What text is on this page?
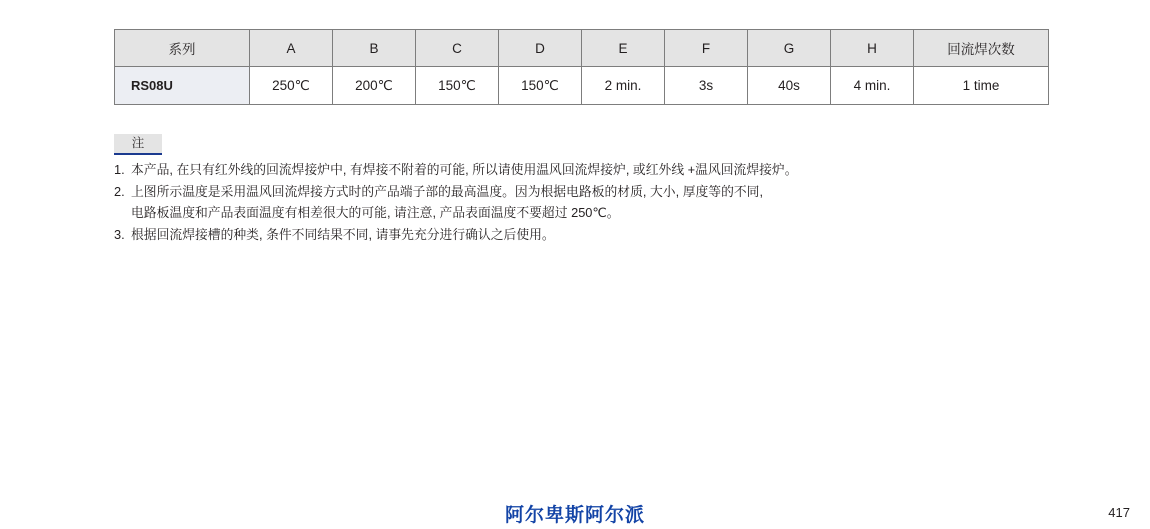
系列	A	B	C	D	E	F	G	H	回流焊次数
RS08U	250℃	200℃	150℃	150℃	2 min.	3s	40s	4 min.	1 time
注
1. 本产品, 在只有红外线的回流焊接炉中, 有焊接不附着的可能, 所以请使用温风回流焊接炉, 或红外线 +温风回流焊接炉。
2. 上图所示温度是采用温风回流焊接方式时的产品端子部的最高温度。因为根据电路板的材质, 大小, 厚度等的不同,
电路板温度和产品表面温度有相差很大的可能, 请注意, 产品表面温度不要超过 250℃。
3. 根据回流焊接槽的种类, 条件不同结果不同, 请事先充分进行确认之后使用。
阿尔卑斯阿尔派	417
